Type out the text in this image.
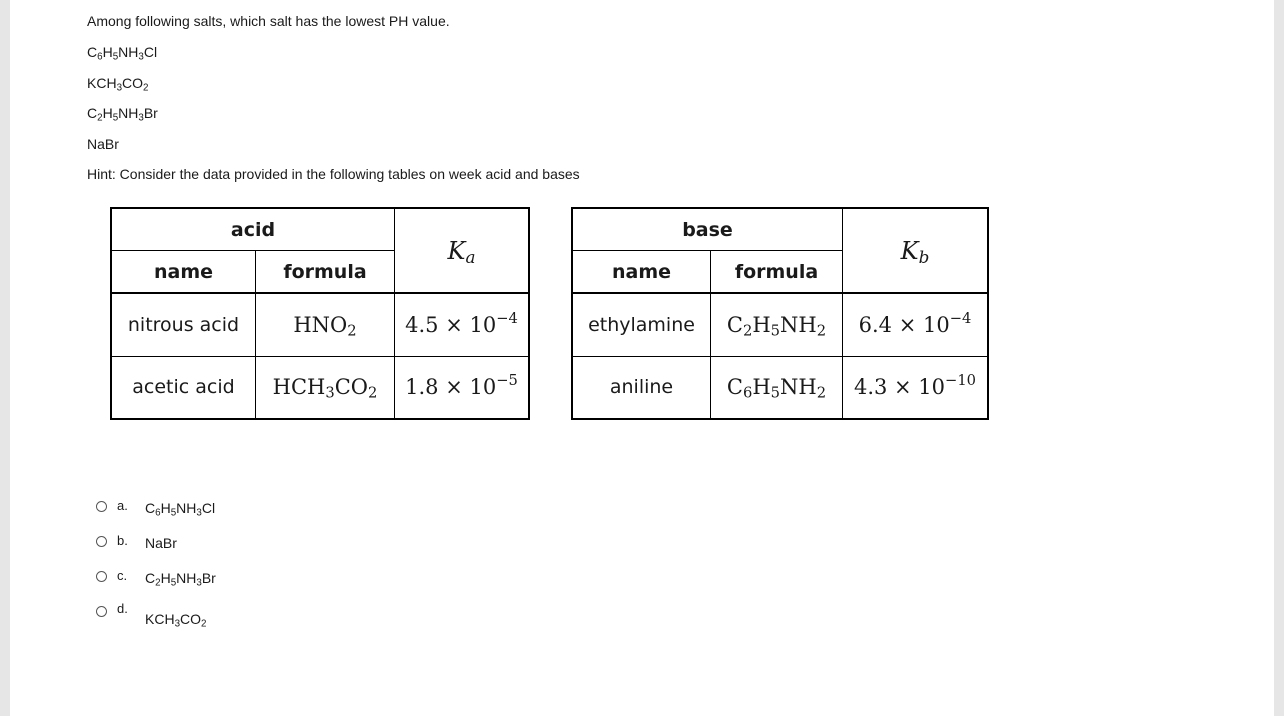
Among following salts, which salt has the lowest PH value.
$C_6H_5NH_3Cl$
$KCH_3CO_2$
$C_2H_5NH_3Br$
NaBr
Hint: Consider the data provided in the following tables on week acid and bases
acid		$K_a$
name	formula	
nitrous acid	$HNO_2$	$4.5 \times 10^{-4}$
acetic acid	$HCH_3CO_2$	$1.8 \times 10^{-5}$
base		$K_b$
name	formula	
ethylamine	$C_2H_5NH_2$	$6.4 \times 10^{-4}$
aniline	$C_6H_5NH_2$	$4.3 \times 10^{-10}$
a. $C_6H_5NH_3Cl$
b. NaBr
c. $C_2H_5NH_3Br$
d.
$KCH_3CO_2$
